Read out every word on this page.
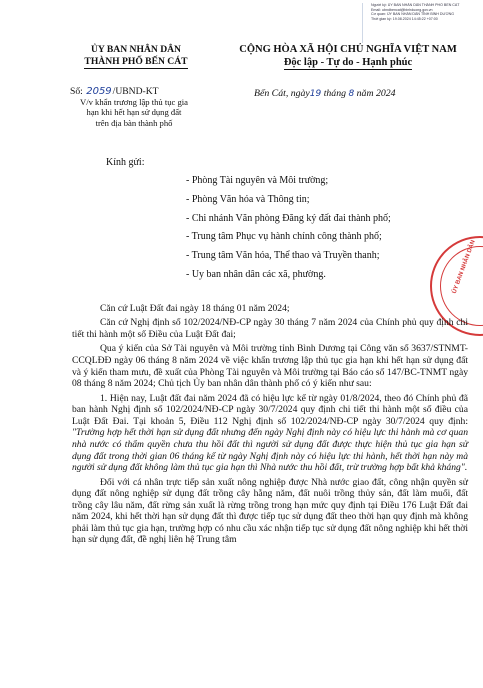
Người ký: ỦY BAN NHÂN DÂN THÀNH PHỐ BẾN CÁT
Email: ubndbencat@binhduong.gov.vn
Cơ quan: ỦY BAN NHÂN DÂN TỈNH BÌNH DƯƠNG
Thời gian ký: 19.08.2024 14:45:22 +07:00
ỦY BAN NHÂN DÂN
THÀNH PHỐ BẾN CÁT
CỘNG HÒA XÃ HỘI CHỦ NGHĨA VIỆT NAM
Độc lập - Tự do - Hạnh phúc
Số: 2059/UBND-KT
V/v khẩn trương lập thủ tục gia
hạn khi hết hạn sử dụng đất
trên địa bàn thành phố
Bến Cát, ngày19 tháng 8 năm 2024
Kính gửi:
- Phòng Tài nguyên và Môi trường;
- Phòng Văn hóa và Thông tin;
- Chi nhánh Văn phòng Đăng ký đất đai thành phố;
- Trung tâm Phục vụ hành chính công thành phố;
- Trung tâm Văn hóa, Thể thao và Truyền thanh;
- Uy ban nhân dân các xã, phường.	ỦY BAN NHÂN DÂN

Căn cứ Luật Đất đai ngày 18 tháng 01 năm 2024;

Căn cứ Nghị định số 102/2024/NĐ-CP ngày 30 tháng 7 năm 2024 của Chính phủ quy định chi tiết thi hành một số Điều của Luật Đất đai;

Qua ý kiến của Sở Tài nguyên và Môi trường tỉnh Bình Dương tại Công văn số 3637/STNMT-CCQLĐĐ ngày 06 tháng 8 năm 2024 về việc khẩn trương lập thủ tục gia hạn khi hết hạn sử dụng đất và ý kiến tham mưu, đề xuất của Phòng Tài nguyên và Môi trường tại Báo cáo số 147/BC-TNMT ngày 08 tháng 8 năm 2024; Chủ tịch Ủy ban nhân dân thành phố có ý kiến như sau:

1. Hiện nay, Luật đất đai năm 2024 đã có hiệu lực kể từ ngày 01/8/2024, theo đó Chính phủ đã ban hành Nghị định số 102/2024/NĐ-CP ngày 30/7/2024 quy định chi tiết thi hành một số điều của Luật Đất Đai. Tại khoản 5, Điều 112 Nghị định số 102/2024/NĐ-CP ngày 30/7/2024 quy định: "Trường hợp hết thời hạn sử dụng đất nhưng đến ngày Nghị định này có hiệu lực thi hành mà cơ quan nhà nước có thẩm quyền chưa thu hồi đất thì người sử dụng đất được thực hiện thủ tục gia hạn sử dụng đất trong thời gian 06 tháng kể từ ngày Nghị định này có hiệu lực thi hành, hết thời hạn này mà người sử dụng đất không làm thủ tục gia hạn thì Nhà nước thu hồi đất, trừ trường hợp bất khả kháng".

Đối với cá nhân trực tiếp sản xuất nông nghiệp được Nhà nước giao đất, công nhận quyền sử dụng đất nông nghiệp sử dụng đất trồng cây hằng năm, đất nuôi trồng thủy sản, đất làm muối, đất trồng cây lâu năm, đất rừng sản xuất là rừng trồng trong hạn mức quy định tại Điều 176 Luật Đất đai năm 2024, khi hết thời hạn sử dụng đất thì được tiếp tục sử dụng đất theo thời hạn quy định mà không phải làm thủ tục gia hạn, trường hợp có nhu cầu xác nhận tiếp tục sử dụng đất nông nghiệp khi hết thời hạn sử dụng đất, đề nghị liên hệ Trung tâm
